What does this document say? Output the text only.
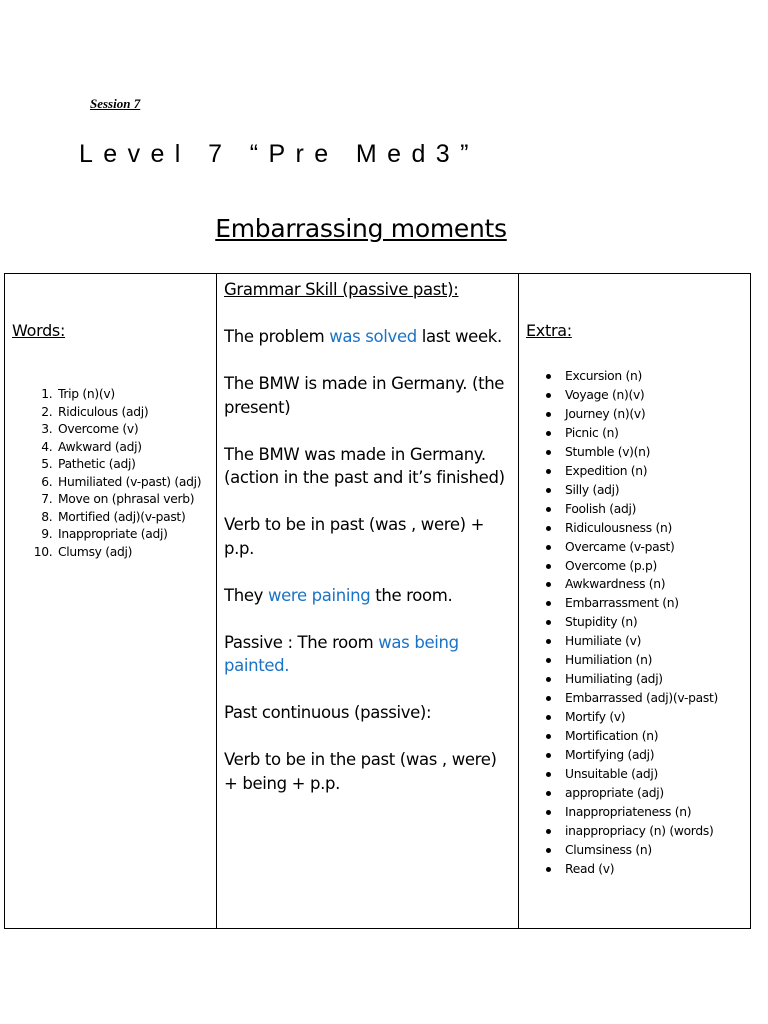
Session 7
Level 7 “Pre Med3”
Embarrassing moments
Words:
1. Trip (n)(v)
2. Ridiculous (adj)
3. Overcome (v)
4. Awkward (adj)
5. Pathetic (adj)
6. Humiliated (v-past) (adj)
7. Move on (phrasal verb)
8. Mortified (adj)(v-past)
9. Inappropriate (adj)
10. Clumsy (adj)

Grammar Skill (passive past):

The problem was solved last week.

The BMW is made in Germany. (the present)

The BMW was made in Germany. (action in the past and it’s finished)

Verb to be in past (was , were) + p.p.

They were paining the room.

Passive : The room was being painted.

Past continuous (passive):

Verb to be in the past (was , were) + being + p.p.

Extra:
Excursion (n)
Voyage (n)(v)
Journey (n)(v)
Picnic (n)
Stumble (v)(n)
Expedition (n)
Silly (adj)
Foolish (adj)
Ridiculousness (n)
Overcame (v-past)
Overcome (p.p)
Awkwardness (n)
Embarrassment (n)
Stupidity (n)
Humiliate (v)
Humiliation (n)
Humiliating (adj)
Embarrassed (adj)(v-past)
Mortify (v)
Mortification (n)
Mortifying (adj)
Unsuitable (adj)
appropriate (adj)
Inappropriateness (n)
inappropriacy (n) (words)
Clumsiness (n)
Read (v)
